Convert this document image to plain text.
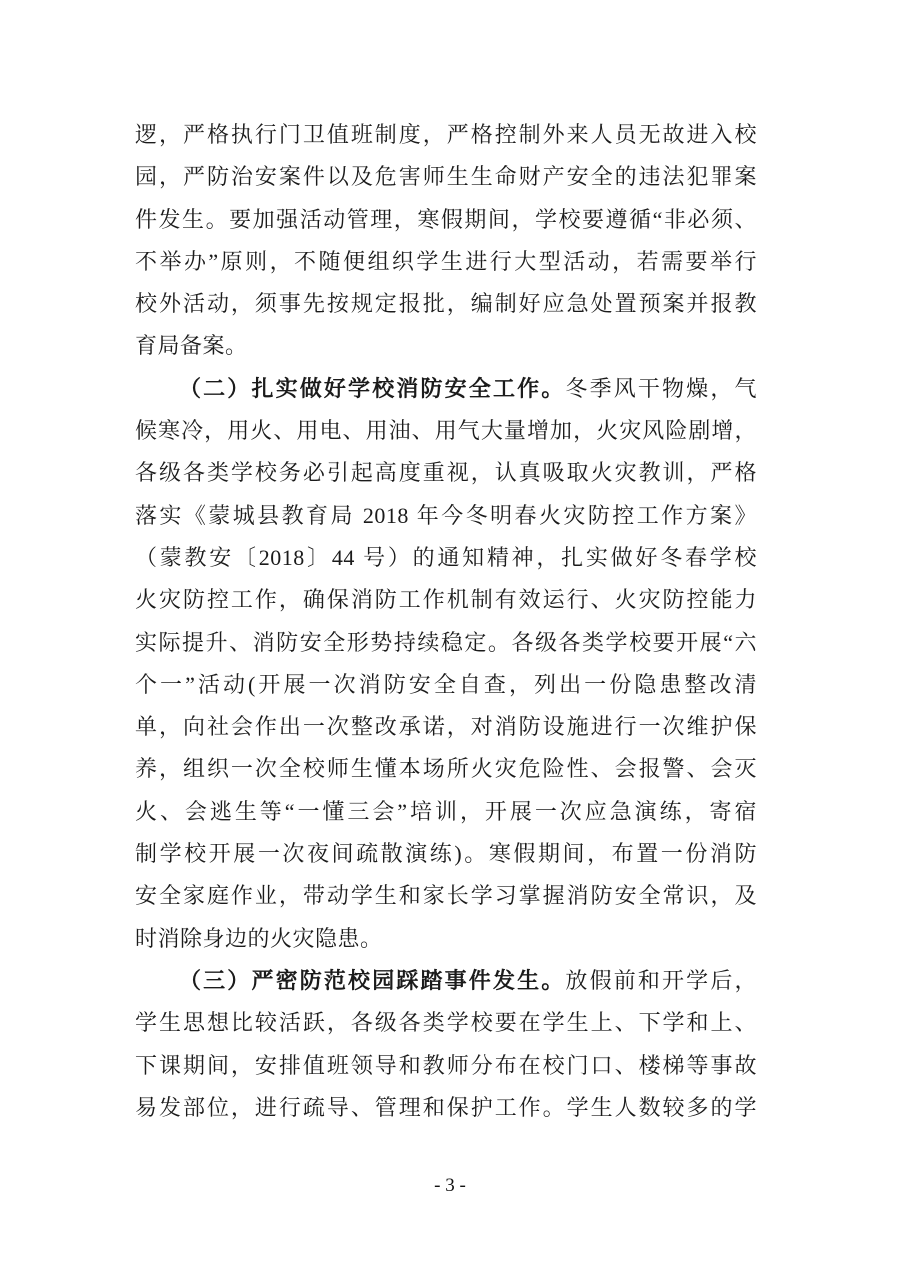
逻，严格执行门卫值班制度，严格控制外来人员无故进入校
园，严防治安案件以及危害师生生命财产安全的违法犯罪案
件发生。要加强活动管理，寒假期间，学校要遵循“非必须、
不举办”原则，不随便组织学生进行大型活动，若需要举行
校外活动，须事先按规定报批，编制好应急处置预案并报教
育局备案。
（二）扎实做好学校消防安全工作。冬季风干物燥，气
候寒冷，用火、用电、用油、用气大量增加，火灾风险剧增，
各级各类学校务必引起高度重视，认真吸取火灾教训，严格
落实《蒙城县教育局 2018 年今冬明春火灾防控工作方案》
（蒙教安〔2018〕44 号）的通知精神，扎实做好冬春学校
火灾防控工作，确保消防工作机制有效运行、火灾防控能力
实际提升、消防安全形势持续稳定。各级各类学校要开展“六
个一”活动(开展一次消防安全自查，列出一份隐患整改清
单，向社会作出一次整改承诺，对消防设施进行一次维护保
养，组织一次全校师生懂本场所火灾危险性、会报警、会灭
火、会逃生等“一懂三会”培训，开展一次应急演练，寄宿
制学校开展一次夜间疏散演练)。寒假期间，布置一份消防
安全家庭作业，带动学生和家长学习掌握消防安全常识，及
时消除身边的火灾隐患。
（三）严密防范校园踩踏事件发生。放假前和开学后，
学生思想比较活跃，各级各类学校要在学生上、下学和上、
下课期间，安排值班领导和教师分布在校门口、楼梯等事故
易发部位，进行疏导、管理和保护工作。学生人数较多的学
- 3 -
